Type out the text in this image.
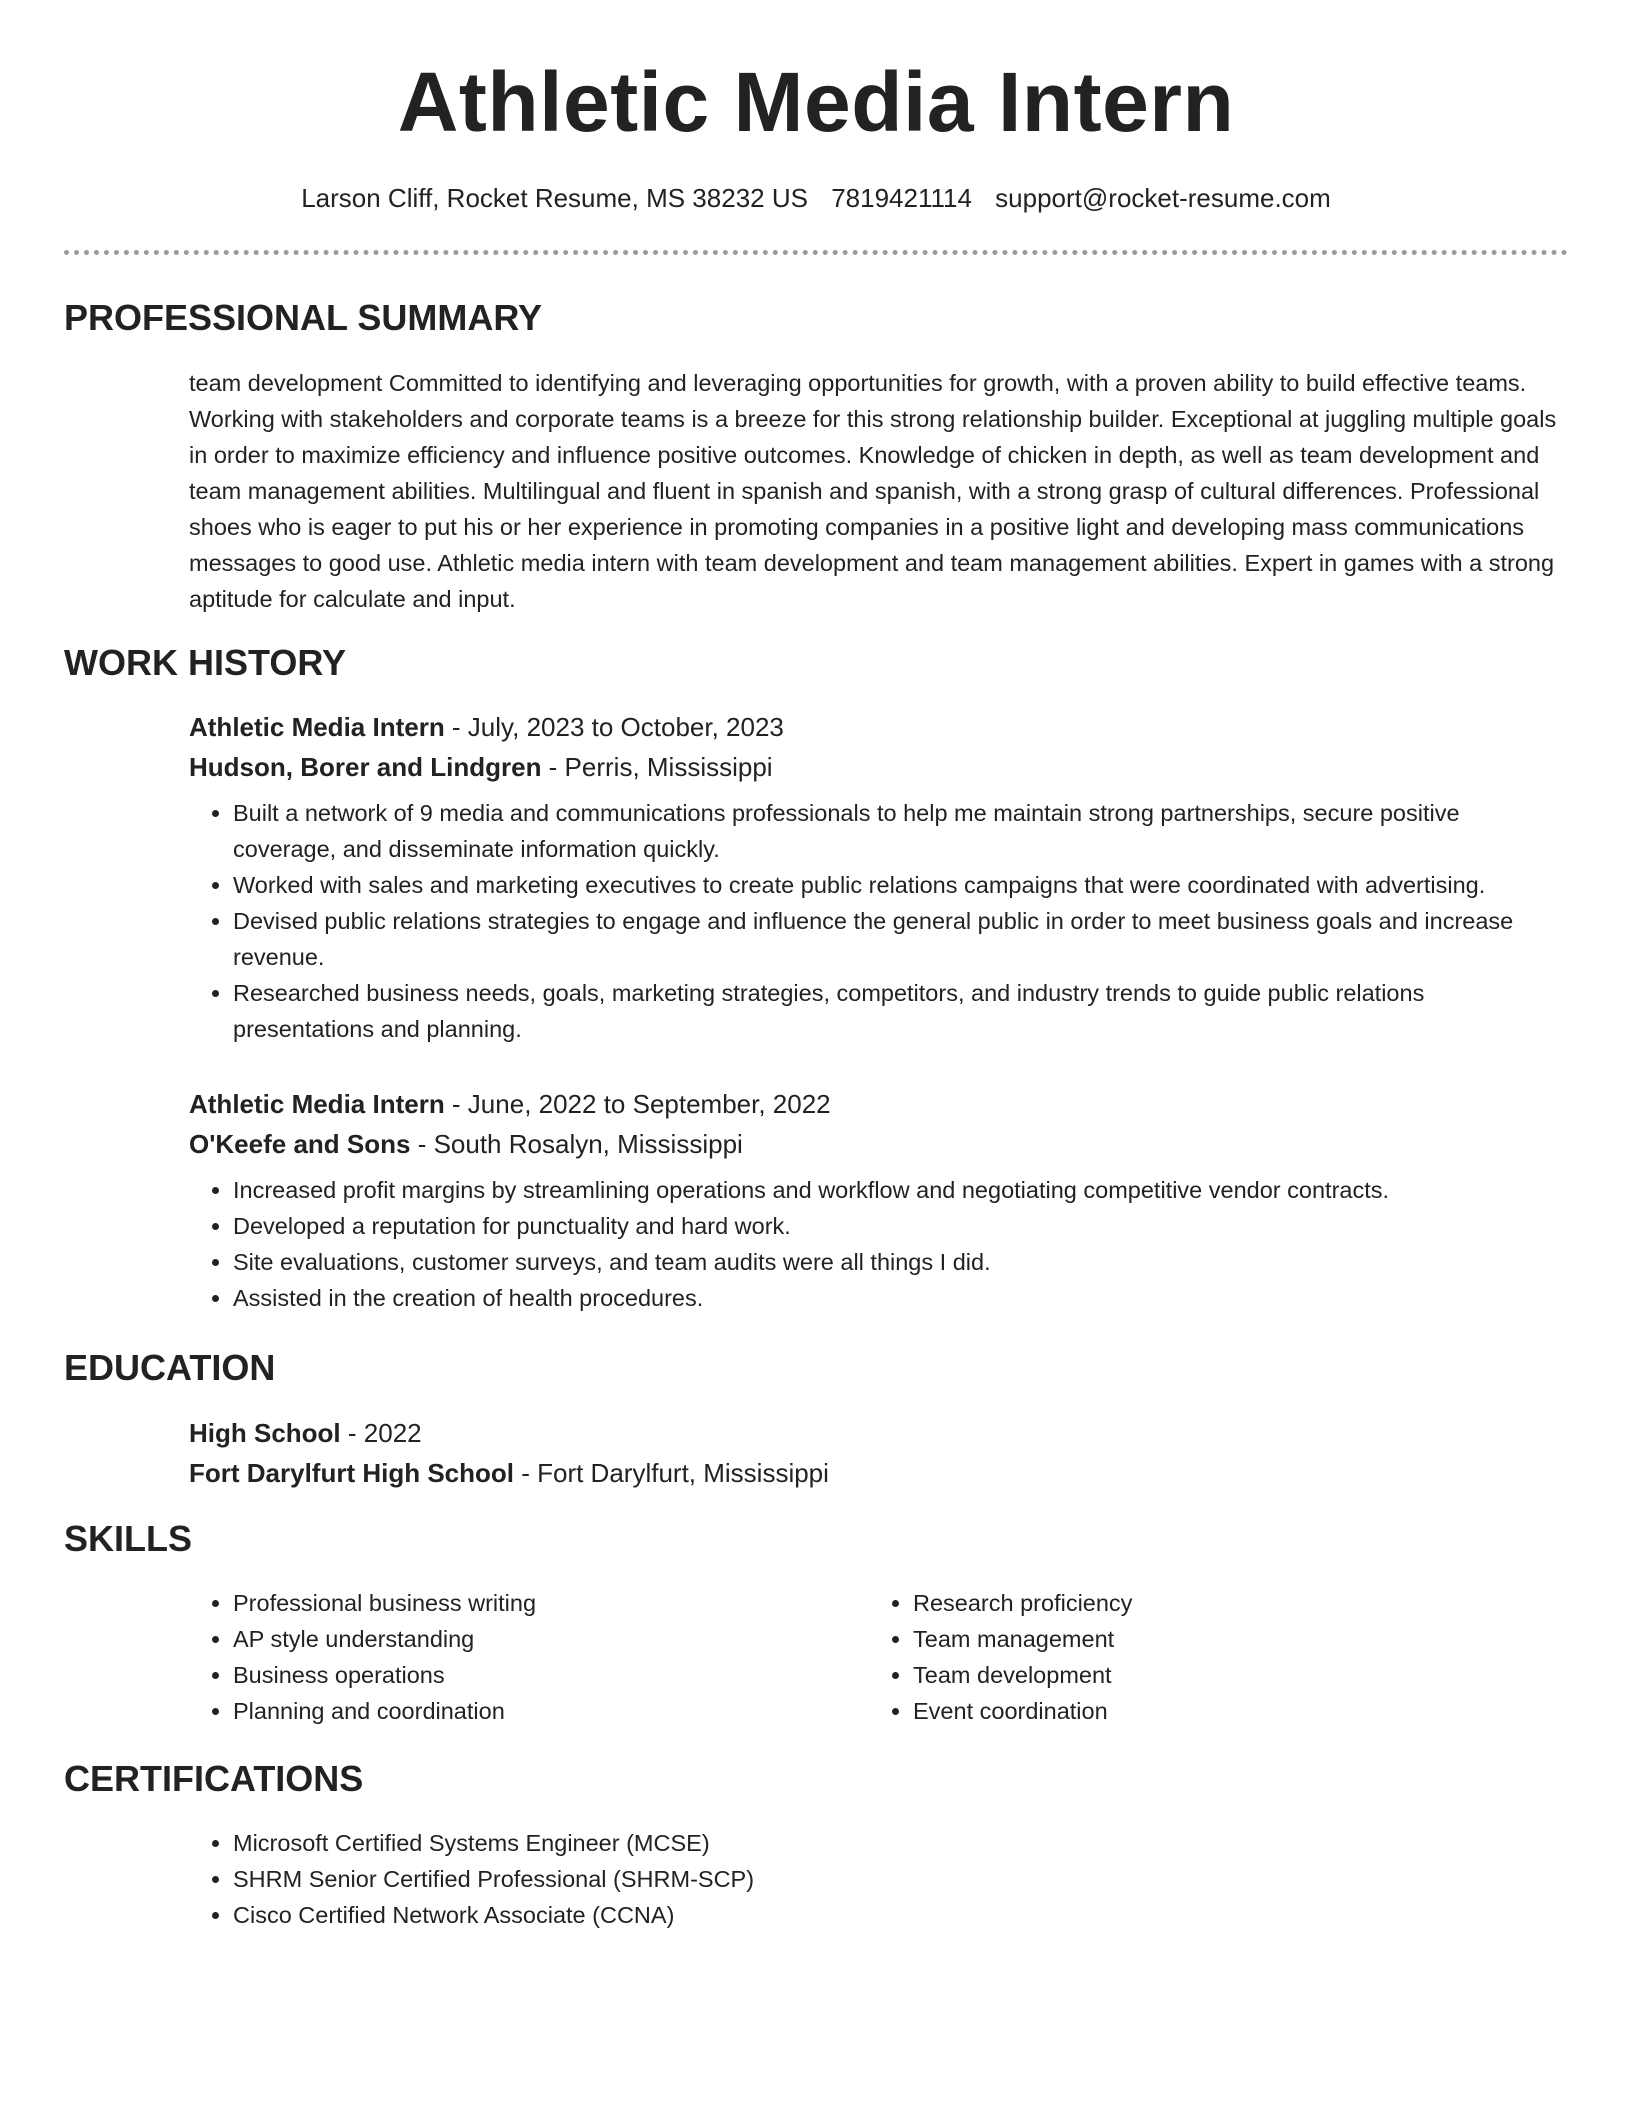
Athletic Media Intern
Larson Cliff, Rocket Resume, MS 38232 US 7819421114 support@rocket-resume.com
PROFESSIONAL SUMMARY

team development Committed to identifying and leveraging opportunities for growth, with a proven ability to build effective teams. Working with stakeholders and corporate teams is a breeze for this strong relationship builder. Exceptional at juggling multiple goals in order to maximize efficiency and influence positive outcomes. Knowledge of chicken in depth, as well as team development and team management abilities. Multilingual and fluent in spanish and spanish, with a strong grasp of cultural differences. Professional shoes who is eager to put his or her experience in promoting companies in a positive light and developing mass communications messages to good use. Athletic media intern with team development and team management abilities. Expert in games with a strong aptitude for calculate and input.

WORK HISTORY

Athletic Media Intern - July, 2023 to October, 2023

Hudson, Borer and Lindgren - Perris, Mississippi

• Built a network of 9 media and communications professionals to help me maintain strong partnerships, secure positive coverage, and disseminate information quickly.
• Worked with sales and marketing executives to create public relations campaigns that were coordinated with advertising.
• Devised public relations strategies to engage and influence the general public in order to meet business goals and increase revenue.
• Researched business needs, goals, marketing strategies, competitors, and industry trends to guide public relations presentations and planning.

Athletic Media Intern - June, 2022 to September, 2022

O'Keefe and Sons - South Rosalyn, Mississippi

• Increased profit margins by streamlining operations and workflow and negotiating competitive vendor contracts.
• Developed a reputation for punctuality and hard work.
• Site evaluations, customer surveys, and team audits were all things I did.
• Assisted in the creation of health procedures.
EDUCATION

High School - 2022

Fort Darylfurt High School - Fort Darylfurt, Mississippi

SKILLS
• Professional business writing
• AP style understanding
• Business operations
• Planning and coordination
• Research proficiency
• Team management
• Team development
• Event coordination
CERTIFICATIONS
• Microsoft Certified Systems Engineer (MCSE)
• SHRM Senior Certified Professional (SHRM-SCP)
• Cisco Certified Network Associate (CCNA)
